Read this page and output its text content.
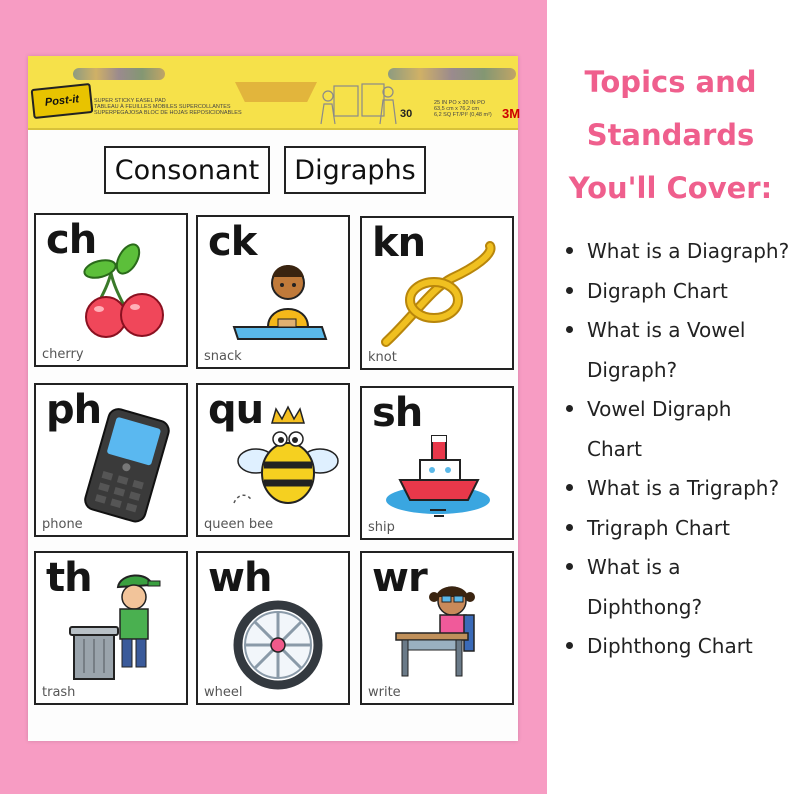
Post-it	SUPER STICKY EASEL PAD
TABLEAU À FEUILLES MOBILES SUPERCOLLANTES
SUPERPEGAJOSA BLOC DE HOJAS REPOSICIONABLES	30
25 IN PO x 30 IN PO
63,5 cm x 76,2 cm
6,2 SQ FT/PI² (0,48 m²) 3M
Consonant	Digraphs
ch
cherry
ck
snack
kn
knot
ph
phone
qu
queen bee
sh
ship
th
trash
wh
wheel
wr
write
Topics and
Standards
You'll Cover:
What is a Diagraph?
Digraph Chart
What is a Vowel Digraph?
Vowel Digraph Chart
What is a Trigraph?
Trigraph Chart
What is a Diphthong?
Diphthong Chart
